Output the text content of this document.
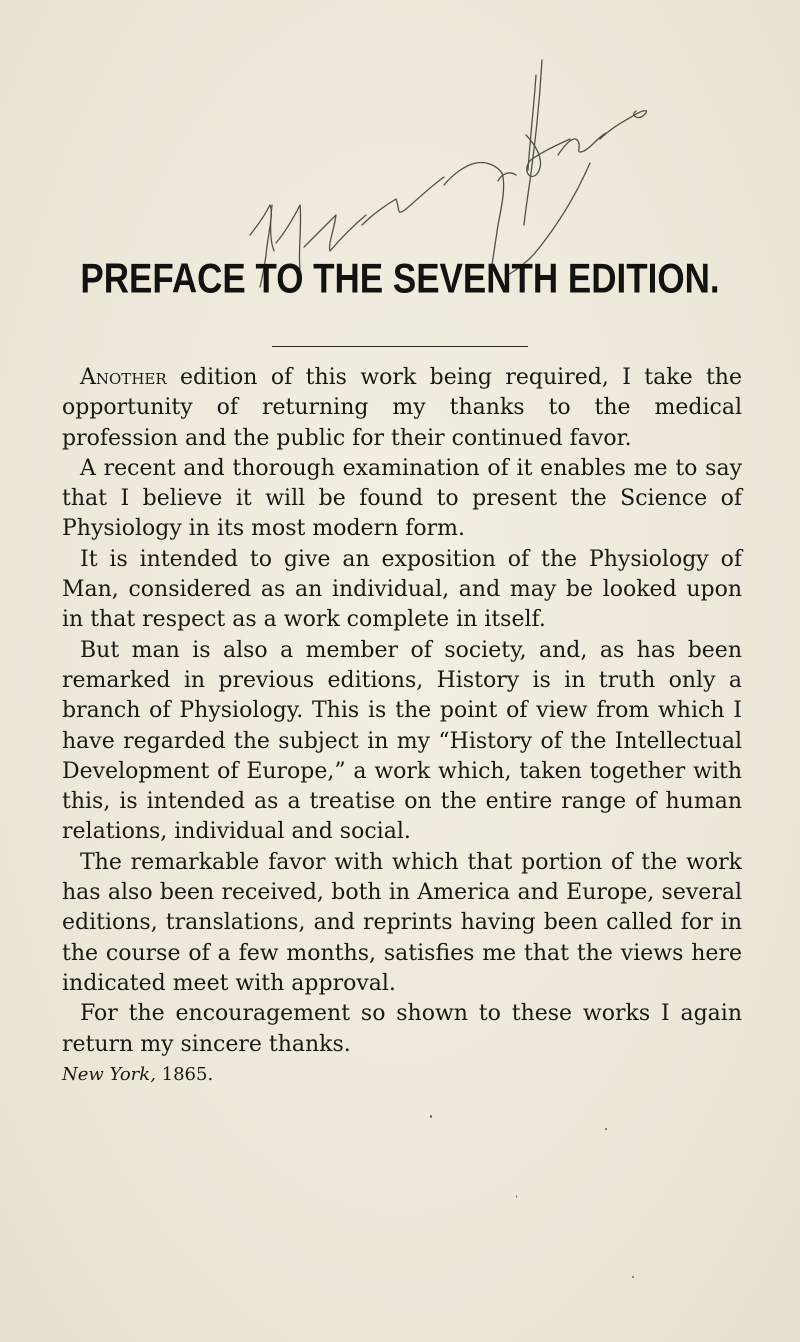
PREFACE TO THE SEVENTH EDITION.

Another edition of this work being required, I take the opportunity of returning my thanks to the medical profession and the public for their continued favor.

A recent and thorough examination of it enables me to say that I believe it will be found to present the Science of Physiology in its most modern form.

It is intended to give an exposition of the Physiology of Man, considered as an individual, and may be looked upon in that respect as a work complete in itself.

But man is also a member of society, and, as has been remarked in previous editions, History is in truth only a branch of Physiology. This is the point of view from which I have regarded the subject in my “History of the Intellectual Development of Europe,” a work which, taken together with this, is intended as a treatise on the entire range of human relations, individual and social.

The remarkable favor with which that portion of the work has also been received, both in America and Europe, several editions, translations, and reprints having been called for in the course of a few months, satisfies me that the views here indicated meet with approval.

For the encouragement so shown to these works I again return my sincere thanks.

New York, 1865.
